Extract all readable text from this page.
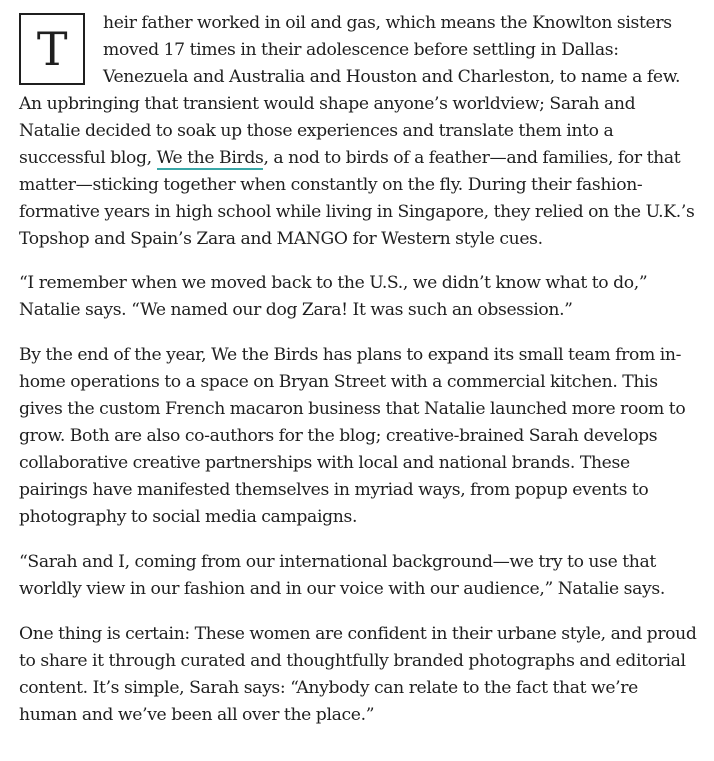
T	heir father worked in oil and gas, which means the Knowlton sisters moved 17 times in their adolescence before settling in Dallas: Venezuela and Australia and Houston and Charleston, to name a few. An upbringing that transient would shape anyone’s worldview; Sarah and Natalie decided to soak up those experiences and translate them into a successful blog, We the Birds, a nod to birds of a feather—and families, for that matter—sticking together when constantly on the fly. During their fashion-formative years in high school while living in Singapore, they relied on the U.K.’s Topshop and Spain’s Zara and MANGO for Western style cues.

“I remember when we moved back to the U.S., we didn’t know what to do,” Natalie says. “We named our dog Zara! It was such an obsession.”

By the end of the year, We the Birds has plans to expand its small team from in-home operations to a space on Bryan Street with a commercial kitchen. This gives the custom French macaron business that Natalie launched more room to grow. Both are also co-authors for the blog; creative-brained Sarah develops collaborative creative partnerships with local and national brands. These pairings have manifested themselves in myriad ways, from popup events to photography to social media campaigns.

“Sarah and I, coming from our international background—we try to use that worldly view in our fashion and in our voice with our audience,” Natalie says.

One thing is certain: These women are confident in their urbane style, and proud to share it through curated and thoughtfully branded photographs and editorial content. It’s simple, Sarah says: “Anybody can relate to the fact that we’re human and we’ve been all over the place.”
